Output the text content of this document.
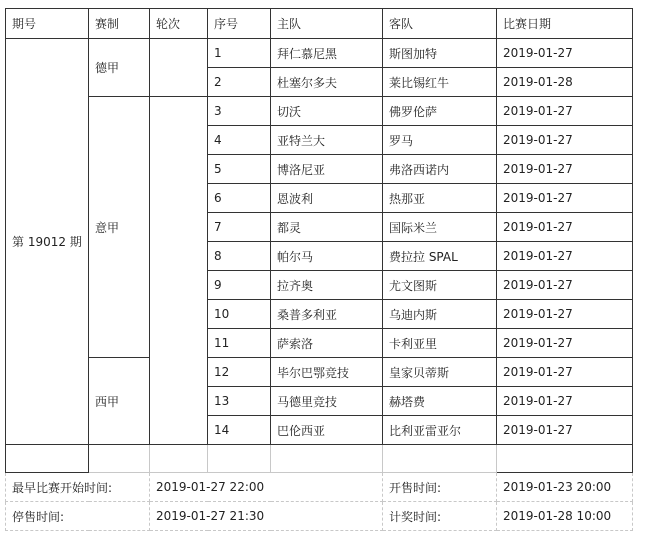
期号	赛制	轮次	序号	主队	客队	比赛日期
第 19012 期	德甲		1	拜仁慕尼黑	斯图加特	2019-01-27
			2	杜塞尔多夫	莱比锡红牛	2019-01-28
	意甲		3	切沃	佛罗伦萨	2019-01-27
			4	亚特兰大	罗马	2019-01-27
			5	博洛尼亚	弗洛西诺内	2019-01-27
			6	恩波利	热那亚	2019-01-27
			7	都灵	国际米兰	2019-01-27
			8	帕尔马	费拉拉 SPAL	2019-01-27
			9	拉齐奥	尤文图斯	2019-01-27
			10	桑普多利亚	乌迪内斯	2019-01-27
			11	萨索洛	卡利亚里	2019-01-27
	西甲		12	毕尔巴鄂竞技	皇家贝蒂斯	2019-01-27
			13	马德里竞技	赫塔费	2019-01-27
			14	巴伦西亚	比利亚雷亚尔	2019-01-27

最早比赛开始时间:		2019-01-27 22:00			开售时间:	2019-01-23 20:00
停售时间:		2019-01-27 21:30			计奖时间:	2019-01-28 10:00
